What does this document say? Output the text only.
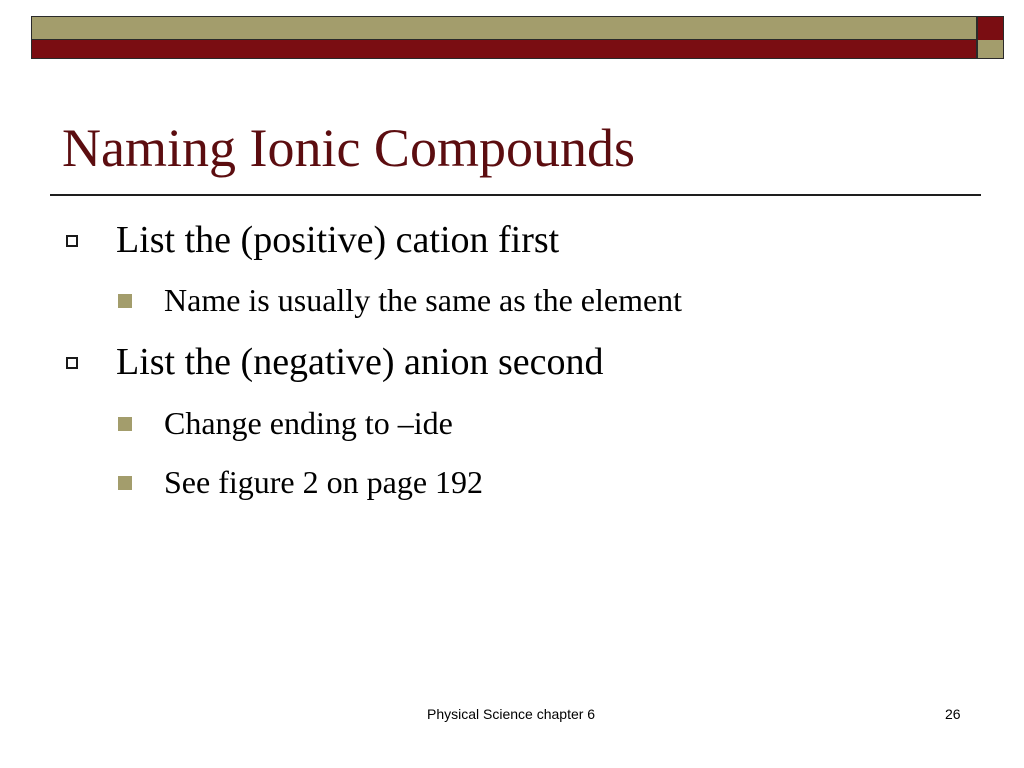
Naming Ionic Compounds
List the (positive) cation first
Name is usually the same as the element
List the (negative) anion second
Change ending to –ide
See figure 2 on page 192
Physical Science chapter 6	26
